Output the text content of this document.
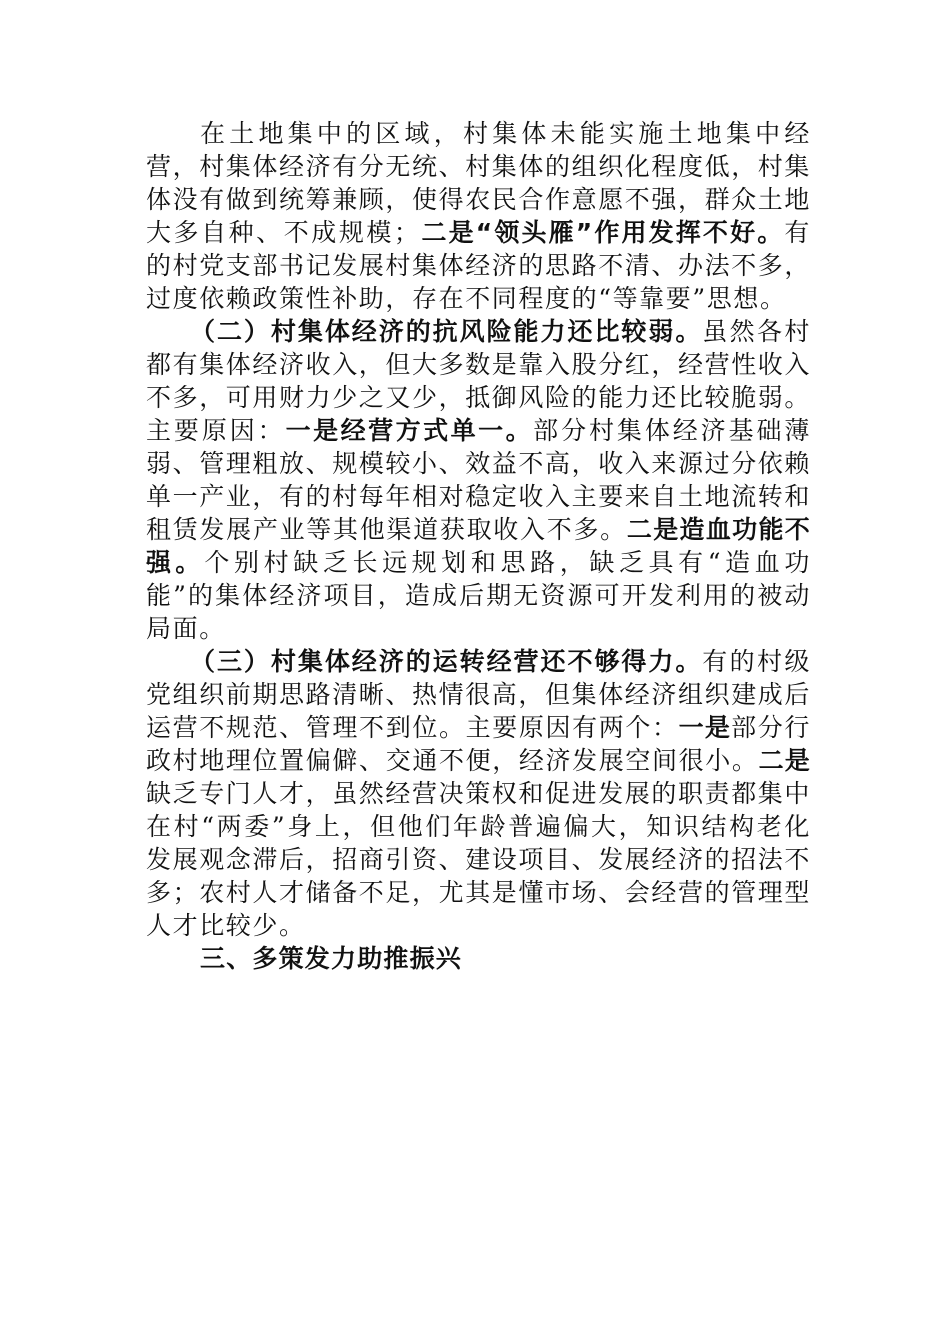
在土地集中的区域，村集体未能实施土地集中经营，村集体经济有分无统、村集体的组织化程度低，村集体没有做到统筹兼顾，使得农民合作意愿不强，群众土地大多自种、不成规模；二是“领头雁”作用发挥不好。有的村党支部书记发展村集体经济的思路不清、办法不多，过度依赖政策性补助，存在不同程度的“等靠要”思想。

（二）村集体经济的抗风险能力还比较弱。虽然各村都有集体经济收入，但大多数是靠入股分红，经营性收入不多，可用财力少之又少，抵御风险的能力还比较脆弱。主要原因：一是经营方式单一。部分村集体经济基础薄弱、管理粗放、规模较小、效益不高，收入来源过分依赖单一产业，有的村每年相对稳定收入主要来自土地流转和租赁发展产业等其他渠道获取收入不多。二是造血功能不强。个别村缺乏长远规划和思路，缺乏具有“造血功能”的集体经济项目，造成后期无资源可开发利用的被动局面。

（三）村集体经济的运转经营还不够得力。有的村级党组织前期思路清晰、热情很高，但集体经济组织建成后运营不规范、管理不到位。主要原因有两个：一是部分行政村地理位置偏僻、交通不便，经济发展空间很小。二是缺乏专门人才，虽然经营决策权和促进发展的职责都集中在村“两委”身上，但他们年龄普遍偏大，知识结构老化发展观念滞后，招商引资、建设项目、发展经济的招法不多；农村人才储备不足，尤其是懂市场、会经营的管理型人才比较少。

三、多策发力助推振兴
